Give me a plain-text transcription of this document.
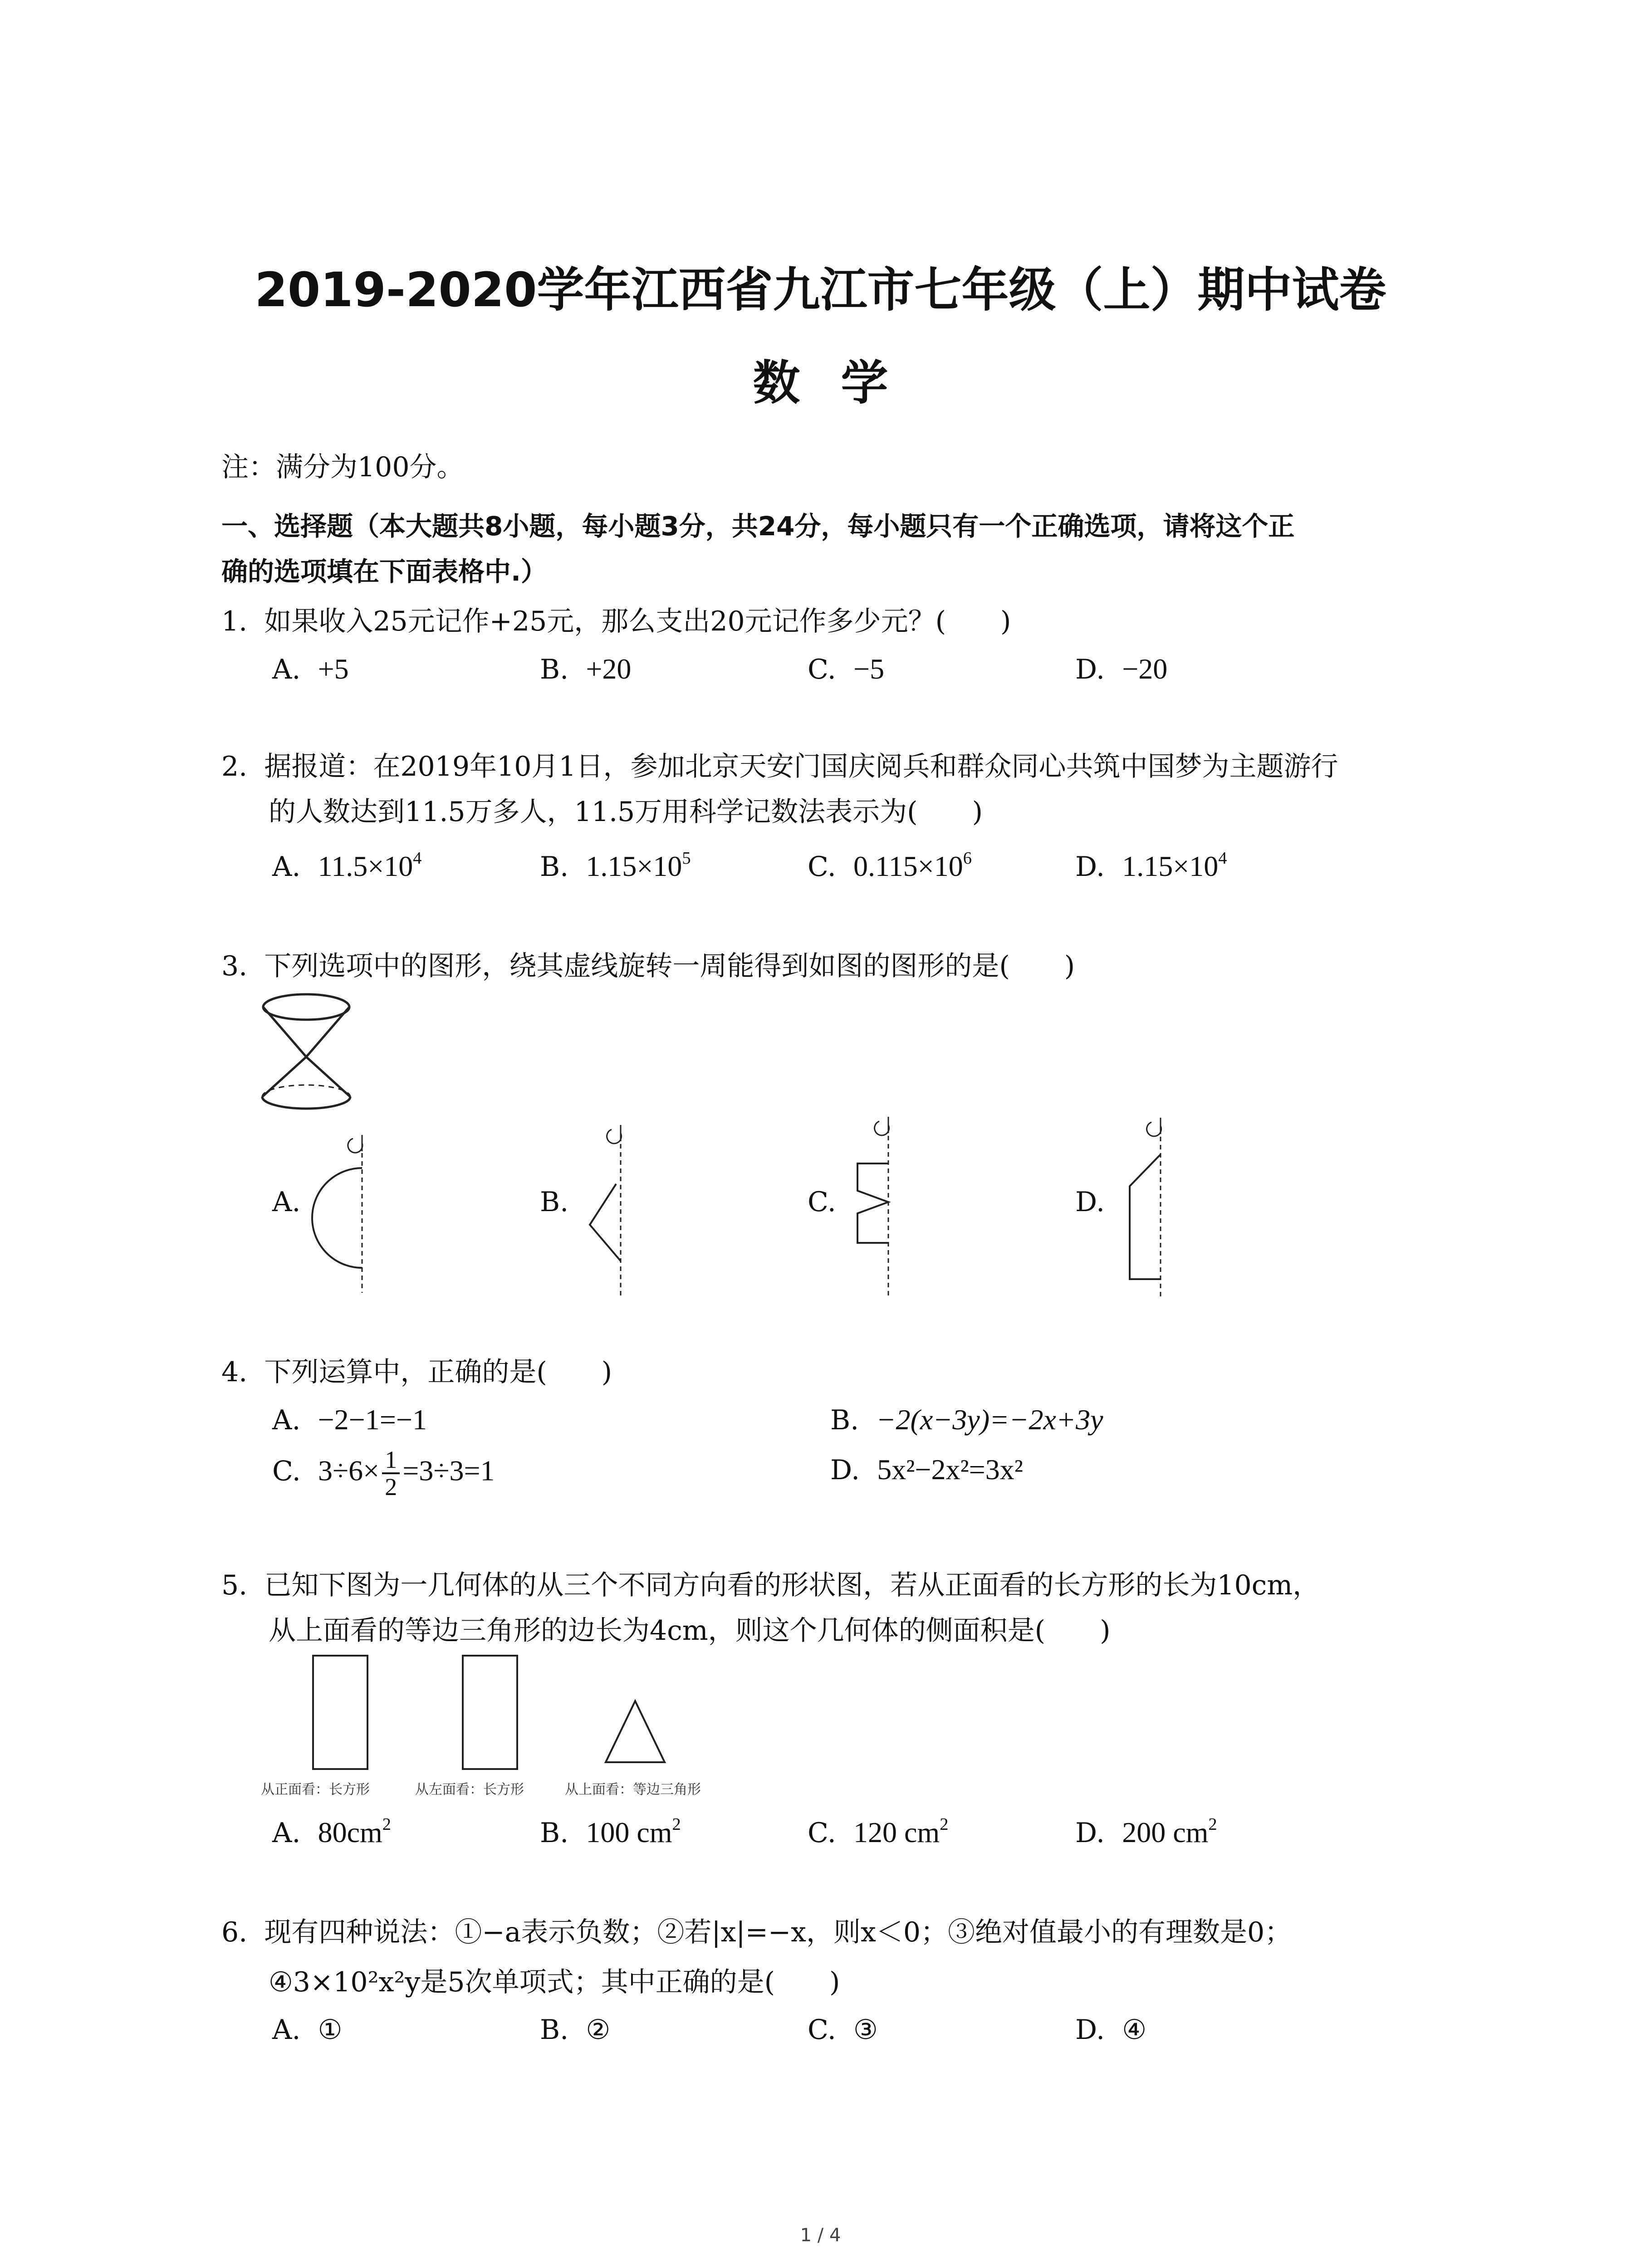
2019-2020学年江西省九江市七年级（上）期中试卷
数学
注：满分为100分。
一、选择题（本大题共8小题，每小题3分，共24分，每小题只有一个正确选项，请将这个正
确的选项填在下面表格中.）
1. 如果收入25元记作+25元，那么支出20元记作多少元？(　　)
A. +5	B. +20	C. −5	D. −20
2. 据报道：在2019年10月1日，参加北京天安门国庆阅兵和群众同心共筑中国梦为主题游行
的人数达到11.5万多人，11.5万用科学记数法表示为(　　)
A. $11.5\times 10^4$	B. $1.15\times 10^5$	C. $0.115\times 10^6$	D. $1.15\times 10^4$
3. 下列选项中的图形，绕其虚线旋转一周能得到如图的图形的是(　　)
A.	B.	C.	D.
4. 下列运算中，正确的是(　　)
A. −2−1=−1	B. −2(x−3y)=−2x+3y
C. $3\div 6\times \frac{1}{2} =3\div 3=1$	D. 5x²−2x²=3x²
5. 已知下图为一几何体的从三个不同方向看的形状图，若从正面看的长方形的长为10cm，
从上面看的等边三角形的边长为4cm，则这个几何体的侧面积是(　　)
从正面看：长方形	从左面看：长方形	从上面看：等边三角形
A. $80cm^2$	B. 100 $cm^2$	C. 120 $cm^2$	D. 200 $cm^2$
6. 现有四种说法：①−a表示负数；②若|x|=−x，则x＜0；③绝对值最小的有理数是0；
④3×10²x²y是5次单项式；其中正确的是(　　)
A. ①	B. ②	C. ③	D. ④
1 / 4
